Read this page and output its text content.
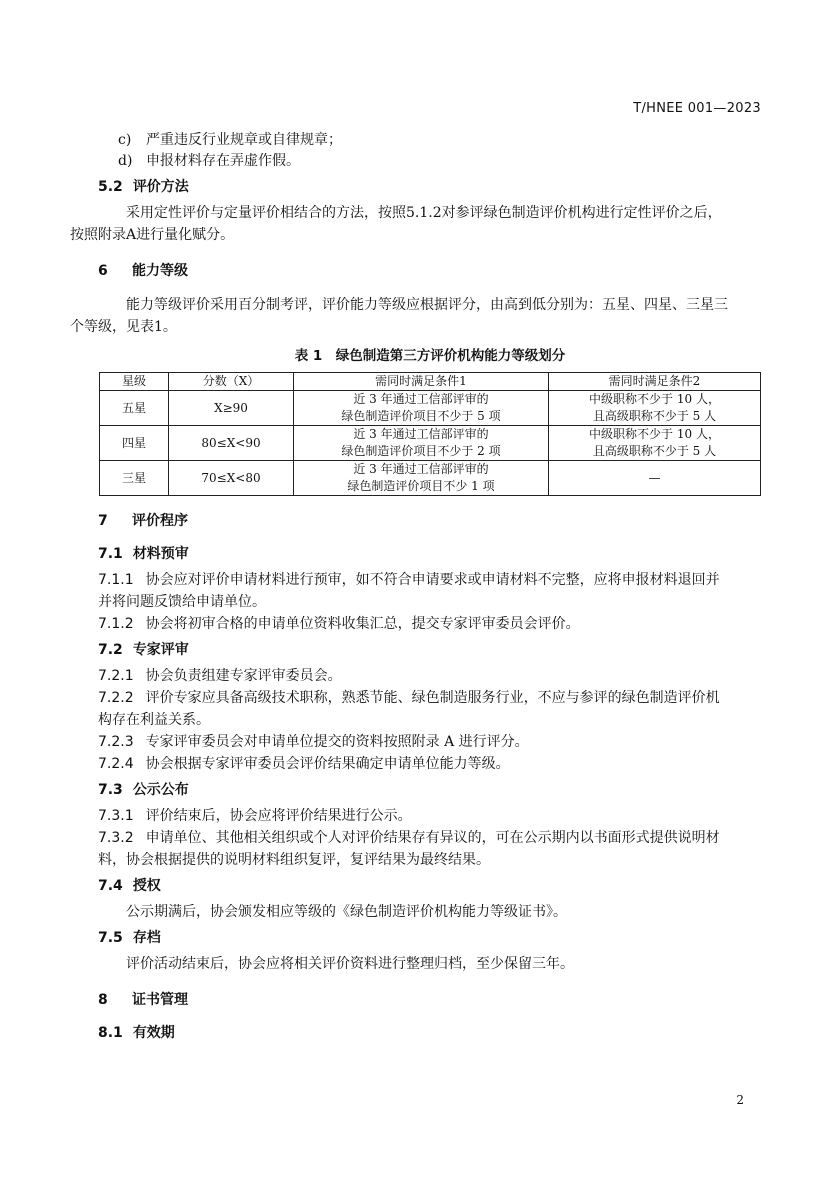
T/HNEE 001—2023

c) 严重违反行业规章或自律规章；

d) 申报材料存在弄虚作假。

5.2 评价方法

采用定性评价与定量评价相结合的方法，按照5.1.2对参评绿色制造评价机构进行定性评价之后，
按照附录A进行量化赋分。

6 能力等级

能力等级评价采用百分制考评，评价能力等级应根据评分，由高到低分别为：五星、四星、三星三
个等级，见表1。

表 1　绿色制造第三方评价机构能力等级划分
星级	分数（X）	需同时满足条件1	需同时满足条件2
五星	X≥90	近 3 年通过工信部评审的
绿色制造评价项目不少于 5 项	中级职称不少于 10 人，
且高级职称不少于 5 人
四星	80≤X<90	近 3 年通过工信部评审的
绿色制造评价项目不少于 2 项	中级职称不少于 10 人，
且高级职称不少于 5 人
三星	70≤X<80	近 3 年通过工信部评审的
绿色制造评价项目不少 1 项	—
7 评价程序
7.1 材料预审

7.1.1 协会应对评价申请材料进行预审，如不符合申请要求或申请材料不完整，应将申报材料退回并
并将问题反馈给申请单位。

7.1.2 协会将初审合格的申请单位资料收集汇总，提交专家评审委员会评价。

7.2 专家评审

7.2.1 协会负责组建专家评审委员会。

7.2.2 评价专家应具备高级技术职称，熟悉节能、绿色制造服务行业，不应与参评的绿色制造评价机
构存在利益关系。

7.2.3 专家评审委员会对申请单位提交的资料按照附录 A 进行评分。

7.2.4 协会根据专家评审委员会评价结果确定申请单位能力等级。

7.3 公示公布

7.3.1 评价结束后，协会应将评价结果进行公示。

7.3.2 申请单位、其他相关组织或个人对评价结果存有异议的，可在公示期内以书面形式提供说明材
料，协会根据提供的说明材料组织复评，复评结果为最终结果。

7.4 授权

公示期满后，协会颁发相应等级的《绿色制造评价机构能力等级证书》。

7.5 存档

评价活动结束后，协会应将相关评价资料进行整理归档，至少保留三年。

8 证书管理
8.1 有效期
2
